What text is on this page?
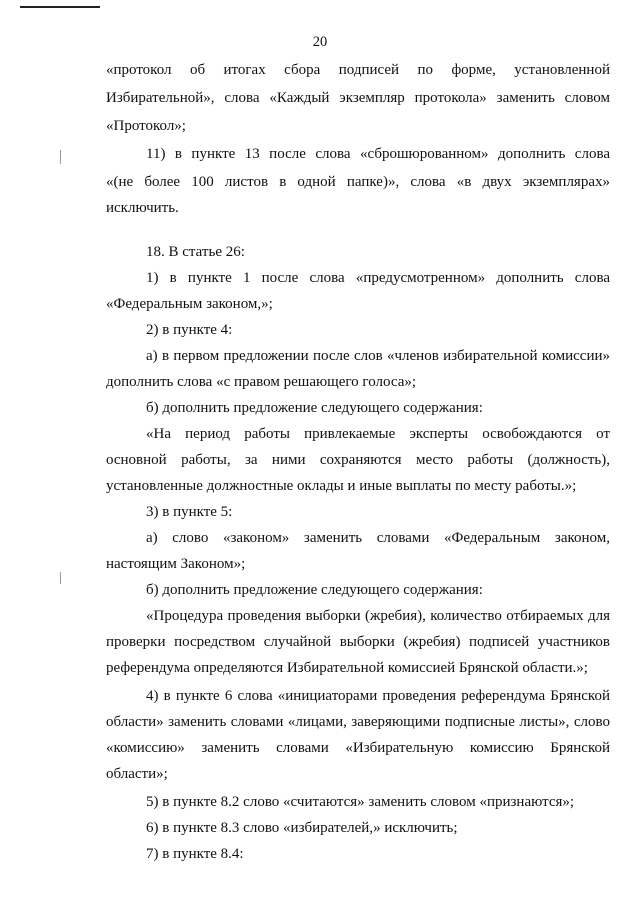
20

«протокол об итогах сбора подписей по форме, установленной

Избирательной», слова «Каждый экземпляр протокола» заменить словом

«Протокол»;

11) в пункте 13 после слова «сброшюрованном» дополнить слова

«(не более 100 листов в одной папке)», слова «в двух экземплярах»

исключить.

18. В статье 26:

1) в пункте 1 после слова «предусмотренном» дополнить слова

«Федеральным законом,»;

2) в пункте 4:

а) в первом предложении после слов «членов избирательной комиссии»

дополнить слова «с правом решающего голоса»;

б) дополнить предложение следующего содержания:

«На период работы привлекаемые эксперты освобождаются от

основной работы, за ними сохраняются место работы (должность),

установленные должностные оклады и иные выплаты по месту работы.»;

3) в пункте 5:

а) слово «законом» заменить словами «Федеральным законом,

настоящим Законом»;

б) дополнить предложение следующего содержания:

«Процедура проведения выборки (жребия), количество отбираемых для

проверки посредством случайной выборки (жребия) подписей участников

референдума определяются Избирательной комиссией Брянской области.»;

4) в пункте 6 слова «инициаторами проведения референдума Брянской

области» заменить словами «лицами, заверяющими подписные листы», слово

«комиссию» заменить словами «Избирательную комиссию Брянской

области»;

5) в пункте 8.2 слово «считаются» заменить словом «признаются»;

6) в пункте 8.3 слово «избирателей,» исключить;

7) в пункте 8.4:
